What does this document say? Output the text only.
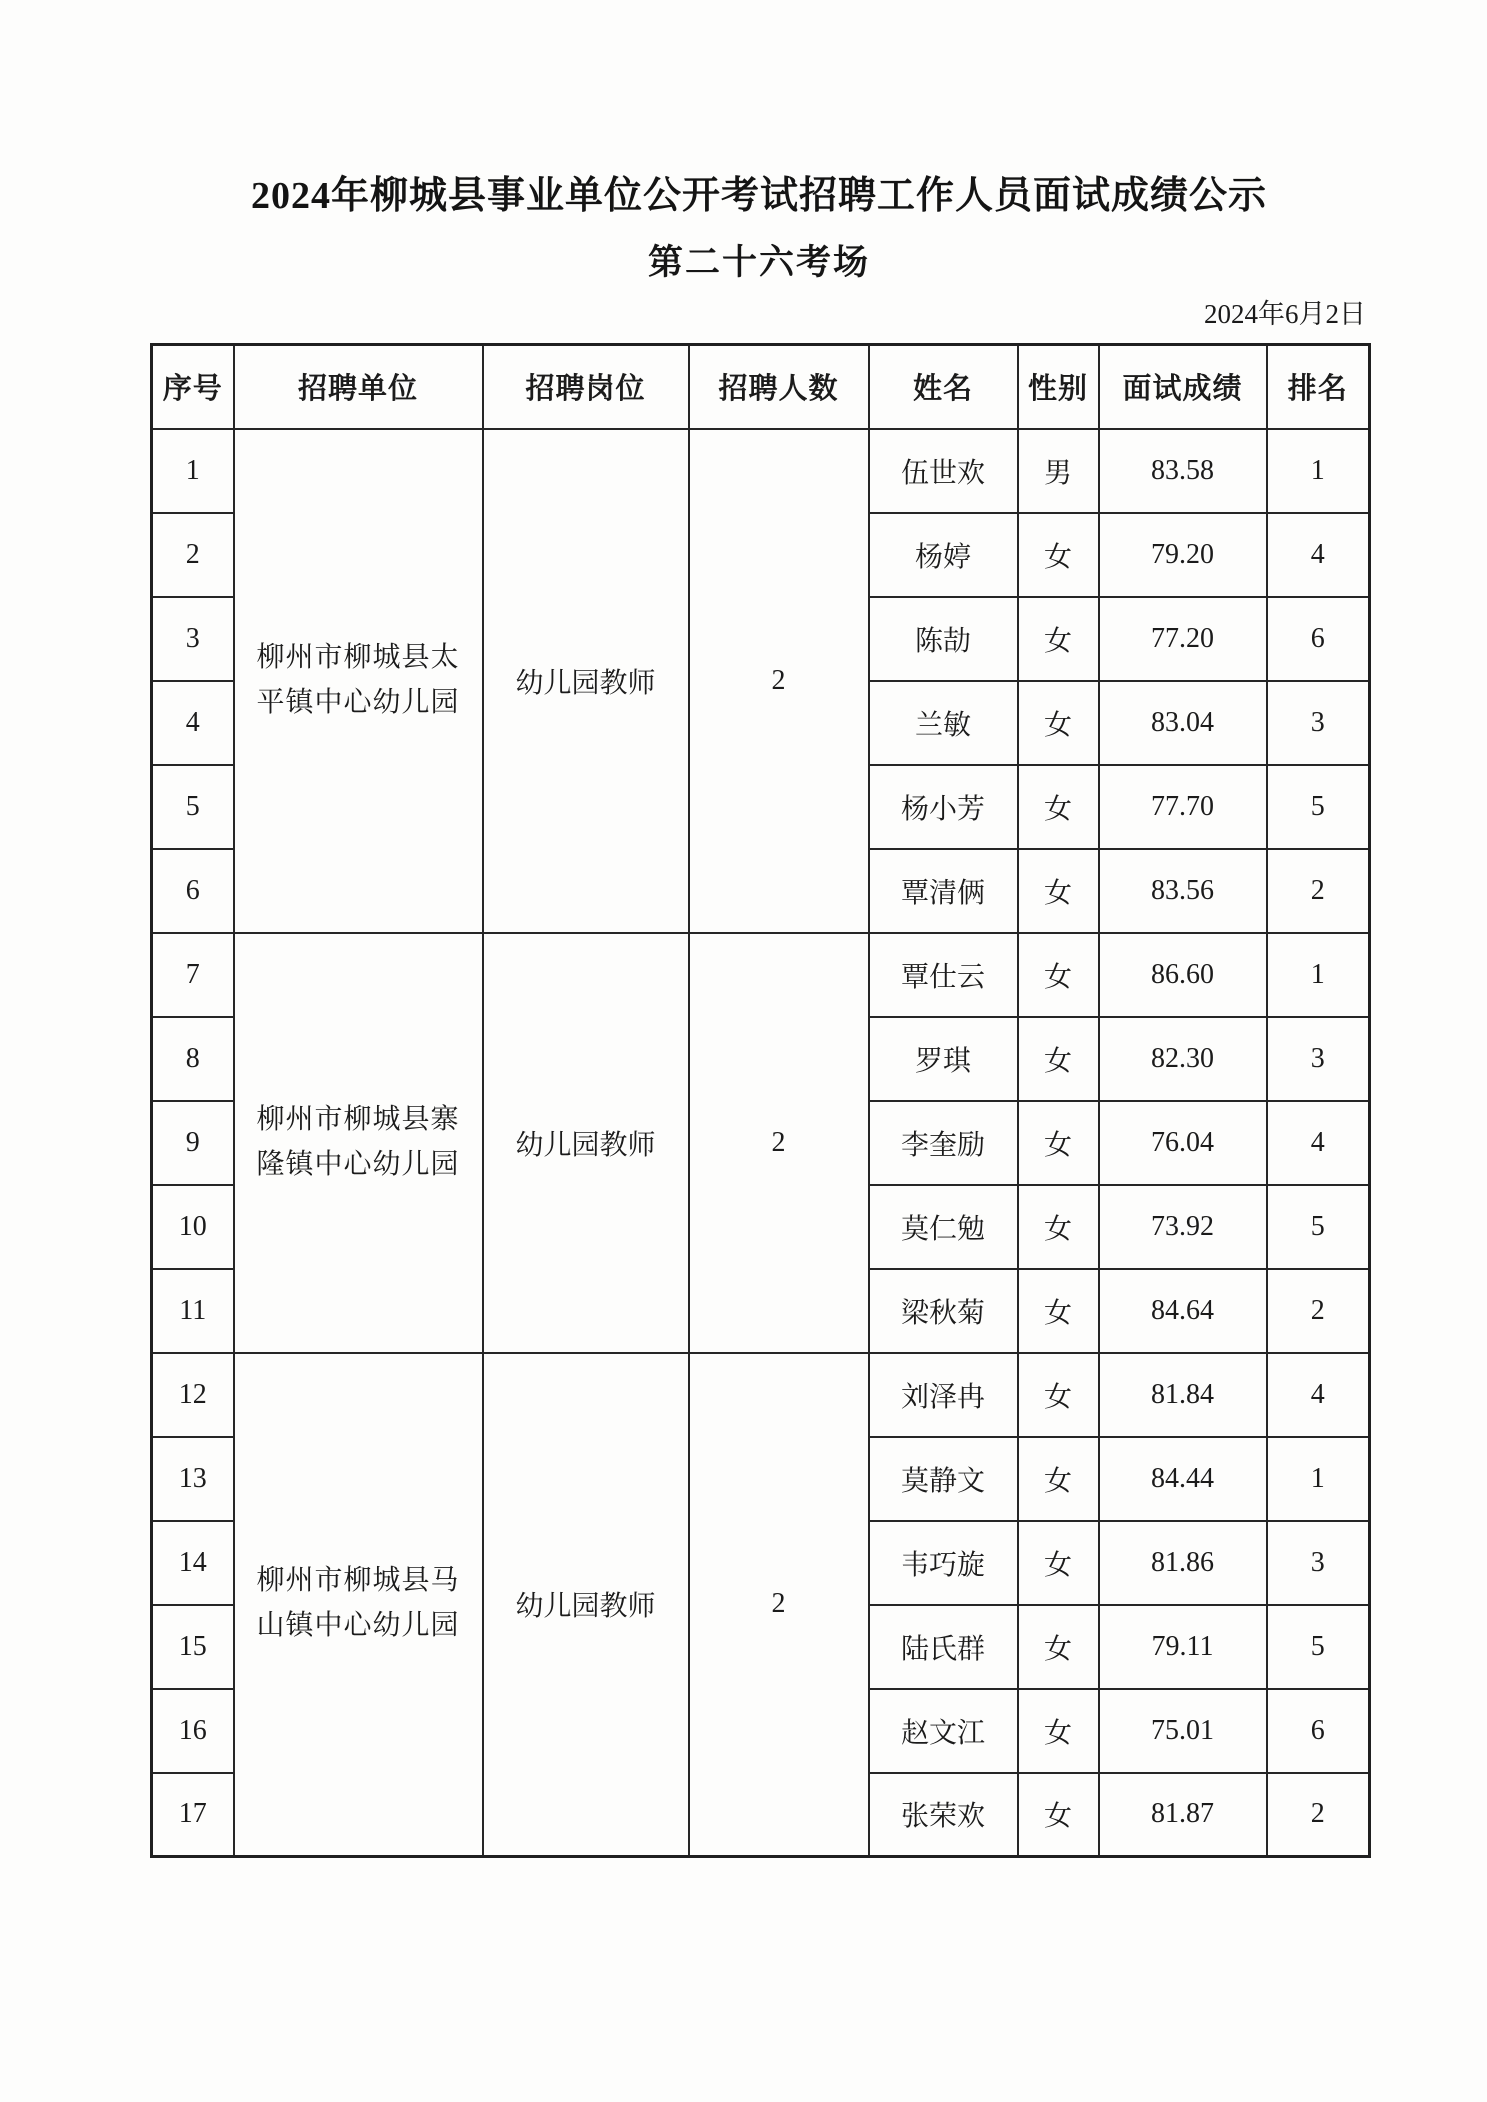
2024年柳城县事业单位公开考试招聘工作人员面试成绩公示
第二十六考场
2024年6月2日
序号	招聘单位	招聘岗位	招聘人数	姓名	性别	面试成绩	排名
1	柳州市柳城县太平镇中心幼儿园	幼儿园教师	2	伍世欢	男	83.58	1
2				杨婷	女	79.20	4
3				陈劼	女	77.20	6
4				兰敏	女	83.04	3
5				杨小芳	女	77.70	5
6				覃清俩	女	83.56	2
7	柳州市柳城县寨隆镇中心幼儿园	幼儿园教师	2	覃仕云	女	86.60	1
8				罗琪	女	82.30	3
9				李奎励	女	76.04	4
10				莫仁勉	女	73.92	5
11				梁秋菊	女	84.64	2
12	柳州市柳城县马山镇中心幼儿园	幼儿园教师	2	刘泽冉	女	81.84	4
13				莫静文	女	84.44	1
14				韦巧旋	女	81.86	3
15				陆氏群	女	79.11	5
16				赵文江	女	75.01	6
17				张荣欢	女	81.87	2
